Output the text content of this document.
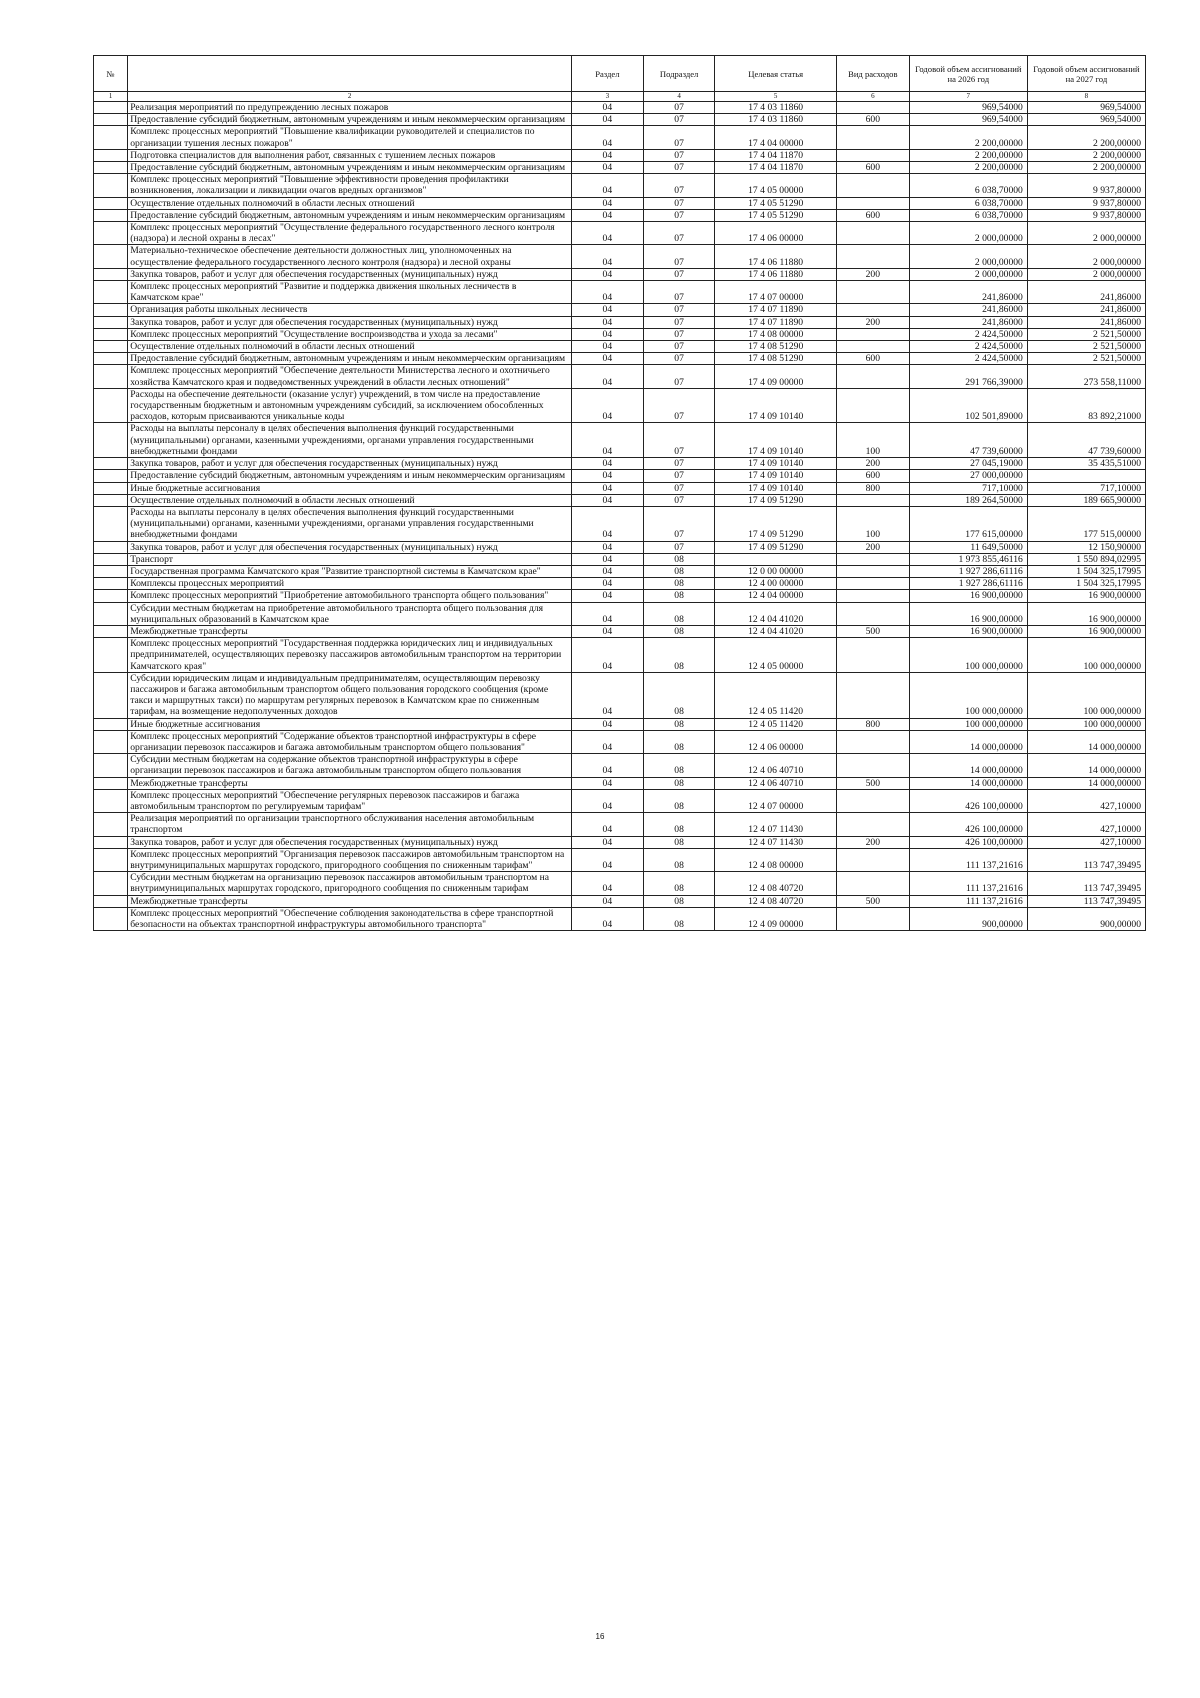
№		Раздел	Подраздел	Целевая статья	Вид расходов	Годовой объем ассигнований на 2026 год	Годовой объем ассигнований на 2027 год
1	2	3	4	5	6	7	8
	Реализация мероприятий по предупреждению лесных пожаров	04	07	17 4 03 11860		969,54000	969,54000
	Предоставление субсидий бюджетным, автономным учреждениям и иным некоммерческим организациям	04	07	17 4 03 11860	600	969,54000	969,54000
	Комплекс процессных мероприятий "Повышение квалификации руководителей и специалистов по организации тушения лесных пожаров"	04	07	17 4 04 00000		2 200,00000	2 200,00000
	Подготовка специалистов для выполнения работ, связанных с тушением лесных пожаров	04	07	17 4 04 11870		2 200,00000	2 200,00000
	Предоставление субсидий бюджетным, автономным учреждениям и иным некоммерческим организациям	04	07	17 4 04 11870	600	2 200,00000	2 200,00000
	Комплекс процессных мероприятий "Повышение эффективности проведения профилактики возникновения, локализации и ликвидации очагов вредных организмов"	04	07	17 4 05 00000		6 038,70000	9 937,80000
	Осуществление отдельных полномочий в области лесных отношений	04	07	17 4 05 51290		6 038,70000	9 937,80000
	Предоставление субсидий бюджетным, автономным учреждениям и иным некоммерческим организациям	04	07	17 4 05 51290	600	6 038,70000	9 937,80000
	Комплекс процессных мероприятий "Осуществление федерального государственного лесного контроля (надзора) и лесной охраны в лесах"	04	07	17 4 06 00000		2 000,00000	2 000,00000
	Материально-техническое обеспечение деятельности должностных лиц, уполномоченных на осуществление федерального государственного лесного контроля (надзора) и лесной охраны	04	07	17 4 06 11880		2 000,00000	2 000,00000
	Закупка товаров, работ и услуг для обеспечения государственных (муниципальных) нужд	04	07	17 4 06 11880	200	2 000,00000	2 000,00000
	Комплекс процессных мероприятий "Развитие и поддержка движения школьных лесничеств в Камчатском крае"	04	07	17 4 07 00000		241,86000	241,86000
	Организация работы школьных лесничеств	04	07	17 4 07 11890		241,86000	241,86000
	Закупка товаров, работ и услуг для обеспечения государственных (муниципальных) нужд	04	07	17 4 07 11890	200	241,86000	241,86000
	Комплекс процессных мероприятий "Осуществление воспроизводства и ухода за лесами"	04	07	17 4 08 00000		2 424,50000	2 521,50000
	Осуществление отдельных полномочий в области лесных отношений	04	07	17 4 08 51290		2 424,50000	2 521,50000
	Предоставление субсидий бюджетным, автономным учреждениям и иным некоммерческим организациям	04	07	17 4 08 51290	600	2 424,50000	2 521,50000
	Комплекс процессных мероприятий "Обеспечение деятельности Министерства лесного и охотничьего хозяйства Камчатского края и подведомственных учреждений в области лесных отношений"	04	07	17 4 09 00000		291 766,39000	273 558,11000
	Расходы на обеспечение деятельности (оказание услуг) учреждений, в том числе на предоставление государственным бюджетным и автономным учреждениям субсидий, за исключением обособленных расходов, которым присваиваются уникальные коды	04	07	17 4 09 10140		102 501,89000	83 892,21000
	Расходы на выплаты персоналу в целях обеспечения выполнения функций государственными (муниципальными) органами, казенными учреждениями, органами управления государственными внебюджетными фондами	04	07	17 4 09 10140	100	47 739,60000	47 739,60000
	Закупка товаров, работ и услуг для обеспечения государственных (муниципальных) нужд	04	07	17 4 09 10140	200	27 045,19000	35 435,51000
	Предоставление субсидий бюджетным, автономным учреждениям и иным некоммерческим организациям	04	07	17 4 09 10140	600	27 000,00000	
	Иные бюджетные ассигнования	04	07	17 4 09 10140	800	717,10000	717,10000
	Осуществление отдельных полномочий в области лесных отношений	04	07	17 4 09 51290		189 264,50000	189 665,90000
	Расходы на выплаты персоналу в целях обеспечения выполнения функций государственными (муниципальными) органами, казенными учреждениями, органами управления государственными внебюджетными фондами	04	07	17 4 09 51290	100	177 615,00000	177 515,00000
	Закупка товаров, работ и услуг для обеспечения государственных (муниципальных) нужд	04	07	17 4 09 51290	200	11 649,50000	12 150,90000
	Транспорт	04	08			1 973 855,46116	1 550 894,02995
	Государственная программа Камчатского края "Развитие транспортной системы в Камчатском крае"	04	08	12 0 00 00000		1 927 286,61116	1 504 325,17995
	Комплексы процессных мероприятий	04	08	12 4 00 00000		1 927 286,61116	1 504 325,17995
	Комплекс процессных мероприятий "Приобретение автомобильного транспорта общего пользования"	04	08	12 4 04 00000		16 900,00000	16 900,00000
	Субсидии местным бюджетам на приобретение автомобильного транспорта общего пользования для муниципальных образований в Камчатском крае	04	08	12 4 04 41020		16 900,00000	16 900,00000
	Межбюджетные трансферты	04	08	12 4 04 41020	500	16 900,00000	16 900,00000
	Комплекс процессных мероприятий "Государственная поддержка юридических лиц и индивидуальных предпринимателей, осуществляющих перевозку пассажиров автомобильным транспортом на территории Камчатского края"	04	08	12 4 05 00000		100 000,00000	100 000,00000
	Субсидии юридическим лицам и индивидуальным предпринимателям, осуществляющим перевозку пассажиров и багажа автомобильным транспортом общего пользования городского сообщения (кроме такси и маршрутных такси) по маршрутам регулярных перевозок в Камчатском крае по сниженным тарифам, на возмещение недополученных доходов	04	08	12 4 05 11420		100 000,00000	100 000,00000
	Иные бюджетные ассигнования	04	08	12 4 05 11420	800	100 000,00000	100 000,00000
	Комплекс процессных мероприятий "Содержание объектов транспортной инфраструктуры в сфере организации перевозок пассажиров и багажа автомобильным транспортом общего пользования"	04	08	12 4 06 00000		14 000,00000	14 000,00000
	Субсидии местным бюджетам на содержание объектов транспортной инфраструктуры в сфере организации перевозок пассажиров и багажа автомобильным транспортом общего пользования	04	08	12 4 06 40710		14 000,00000	14 000,00000
	Межбюджетные трансферты	04	08	12 4 06 40710	500	14 000,00000	14 000,00000
	Комплекс процессных мероприятий "Обеспечение регулярных перевозок пассажиров и багажа автомобильным транспортом по регулируемым тарифам"	04	08	12 4 07 00000		426 100,00000	427,10000
	Реализация мероприятий по организации транспортного обслуживания населения автомобильным транспортом	04	08	12 4 07 11430		426 100,00000	427,10000
	Закупка товаров, работ и услуг для обеспечения государственных (муниципальных) нужд	04	08	12 4 07 11430	200	426 100,00000	427,10000
	Комплекс процессных мероприятий "Организация перевозок пассажиров автомобильным транспортом на внутримуниципальных маршрутах городского, пригородного сообщения по сниженным тарифам"	04	08	12 4 08 00000		111 137,21616	113 747,39495
	Субсидии местным бюджетам на организацию перевозок пассажиров автомобильным транспортом на внутримуниципальных маршрутах городского, пригородного сообщения по сниженным тарифам	04	08	12 4 08 40720		111 137,21616	113 747,39495
	Межбюджетные трансферты	04	08	12 4 08 40720	500	111 137,21616	113 747,39495
	Комплекс процессных мероприятий "Обеспечение соблюдения законодательства в сфере транспортной безопасности на объектах транспортной инфраструктуры автомобильного транспорта"	04	08	12 4 09 00000		900,00000	900,00000
16
